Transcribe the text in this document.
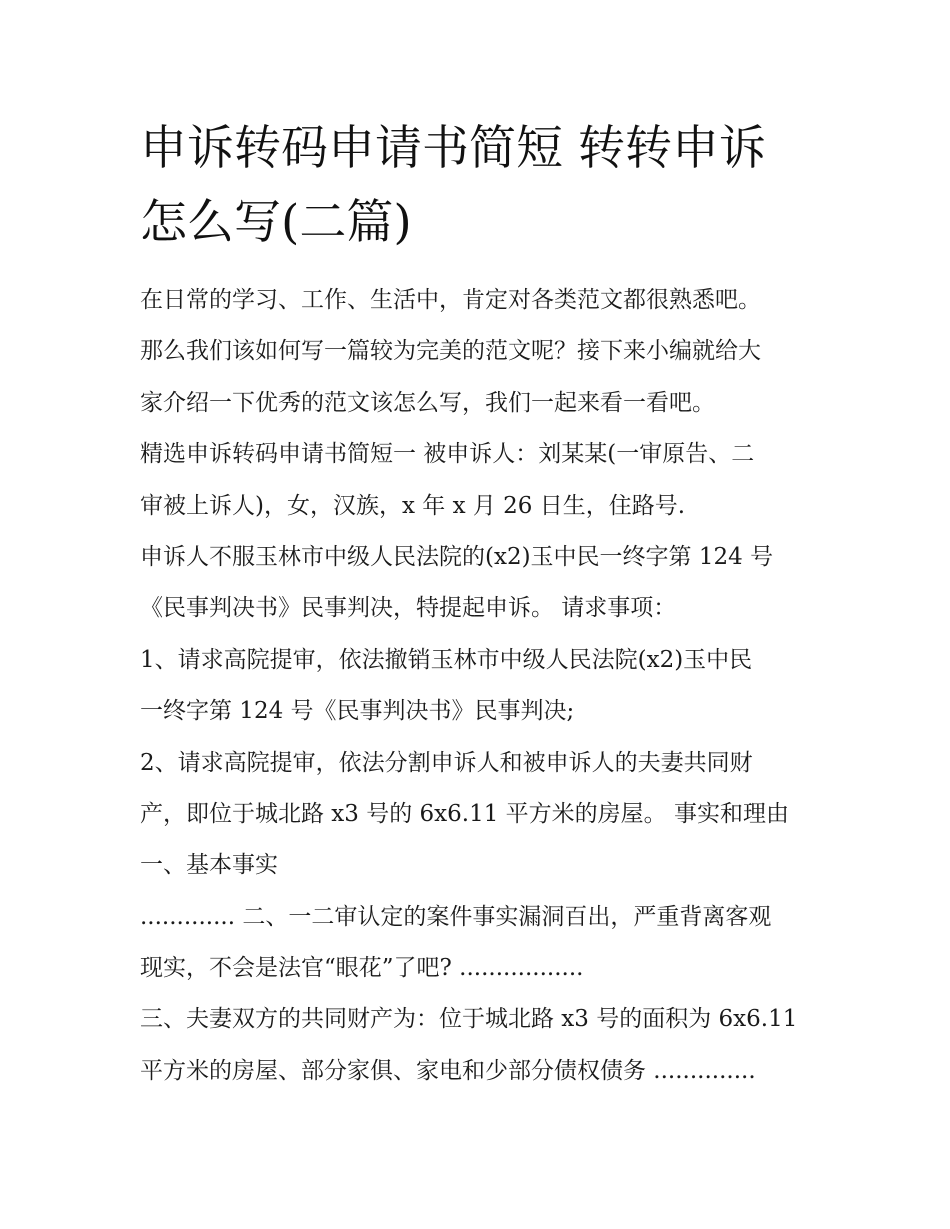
申诉转码申请书简短 转转申诉
怎么写(二篇)
在日常的学习、工作、生活中，肯定对各类范文都很熟悉吧。
那么我们该如何写一篇较为完美的范文呢？接下来小编就给大
家介绍一下优秀的范文该怎么写，我们一起来看一看吧。
精选申诉转码申请书简短一 被申诉人：刘某某(一审原告、二
审被上诉人)，女，汉族，x 年 x 月 26 日生，住路号.
申诉人不服玉林市中级人民法院的(x2)玉中民一终字第 124 号
《民事判决书》民事判决，特提起申诉。 请求事项：
1、请求高院提审，依法撤销玉林市中级人民法院(x2)玉中民
一终字第 124 号《民事判决书》民事判决;
2、请求高院提审，依法分割申诉人和被申诉人的夫妻共同财
产，即位于城北路 x3 号的 6x6.11 平方米的房屋。 事实和理由
一、基本事实
............. 二、一二审认定的案件事实漏洞百出，严重背离客观
现实，不会是法官“眼花”了吧? .................
三、夫妻双方的共同财产为：位于城北路 x3 号的面积为 6x6.11
平方米的房屋、部分家俱、家电和少部分债权债务 ..............
